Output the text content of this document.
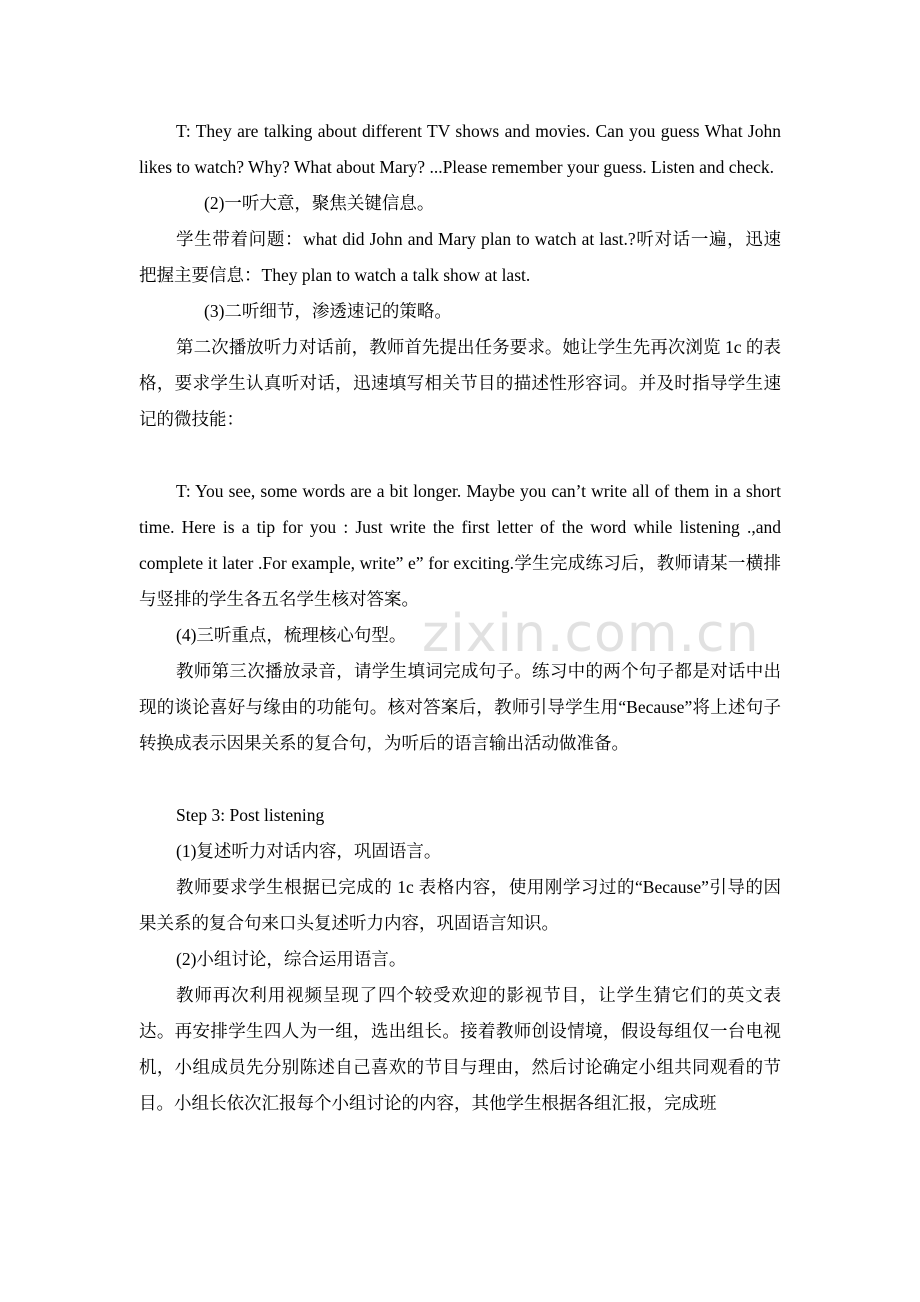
T: They are talking about different TV shows and movies. Can you guess What John likes to watch? Why? What about Mary? ...Please remember your guess. Listen and check.

(2)一听大意，聚焦关键信息。

学生带着问题：what did John and Mary plan to watch at last.?听对话一遍，迅速把握主要信息：They plan to watch a talk show at last.

(3)二听细节，渗透速记的策略。

第二次播放听力对话前，教师首先提出任务要求。她让学生先再次浏览 1c 的表格，要求学生认真听对话，迅速填写相关节目的描述性形容词。并及时指导学生速记的微技能：

T: You see, some words are a bit longer. Maybe you can’t write all of them in a short time. Here is a tip for you : Just write the first letter of the word while listening .,and complete it later .For example, write” e” for exciting.学生完成练习后，教师请某一横排与竖排的学生各五名学生核对答案。

(4)三听重点，梳理核心句型。

教师第三次播放录音，请学生填词完成句子。练习中的两个句子都是对话中出现的谈论喜好与缘由的功能句。核对答案后，教师引导学生用“Because”将上述句子转换成表示因果关系的复合句，为听后的语言输出活动做准备。

Step 3: Post listening

(1)复述听力对话内容，巩固语言。

教师要求学生根据已完成的 1c 表格内容，使用刚学习过的“Because”引导的因果关系的复合句来口头复述听力内容，巩固语言知识。

(2)小组讨论，综合运用语言。

教师再次利用视频呈现了四个较受欢迎的影视节目，让学生猜它们的英文表达。再安排学生四人为一组，选出组长。接着教师创设情境，假设每组仅一台电视机，小组成员先分别陈述自己喜欢的节目与理由，然后讨论确定小组共同观看的节目。小组长依次汇报每个小组讨论的内容，其他学生根据各组汇报，完成班

zixin.com.cn
